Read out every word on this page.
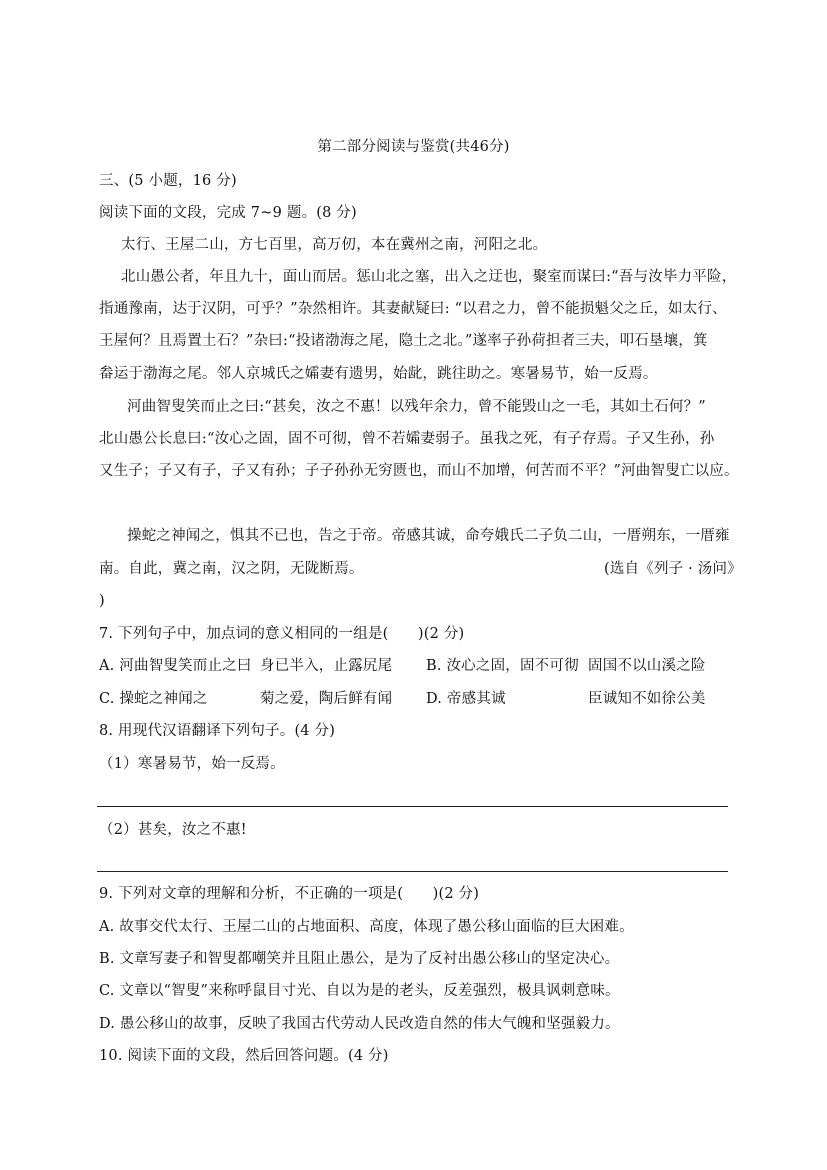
第二部分阅读与鉴赏(共46分)
三、(5 小题，16 分)
阅读下面的文段，完成 7~9 题。(8 分)
太行、王屋二山，方七百里，高万仞，本在冀州之南，河阳之北。
北山愚公者，年且九十，面山而居。惩山北之塞，出入之迂也，聚室而谋曰:“吾与汝毕力平险，
指通豫南，达于汉阴，可乎？”杂然相许。其妻献疑曰: “以君之力，曾不能损魁父之丘，如太行、
王屋何？且焉置土石？”杂曰:“投诸渤海之尾，隐土之北。”遂率子孙荷担者三夫，叩石垦壤，箕
畚运于渤海之尾。邻人京城氏之孀妻有遗男，始龀，跳往助之。寒暑易节，始一反焉。
河曲智叟笑而止之曰:“甚矣，汝之不惠！以残年余力，曾不能毁山之一毛，其如土石何？”
北山愚公长息曰:“汝心之固，固不可彻，曾不若孀妻弱子。虽我之死，有子存焉。子又生孙，孙
又生子；子又有子，子又有孙；子子孙孙无穷匮也，而山不加增，何苦而不平？”河曲智叟亡以应。
操蛇之神闻之，惧其不已也，告之于帝。帝感其诚，命夸娥氏二子负二山，一厝朔东，一厝雍
南。自此，冀之南，汉之阴，无陇断焉。	(选自《列子 · 汤问》
)
7. 下列句子中，加点词的意义相同的一组是(　　)(2 分)
A. 河曲智叟笑而止之曰 身已半入，止露尻尾 B. 汝心之固，固不可彻 固国不以山溪之险
C. 操蛇之神闻之	菊之爱，陶后鲜有闻 D. 帝感其诚	臣诚知不如徐公美
8. 用现代汉语翻译下列句子。(4 分)
（1）寒暑易节，始一反焉。
（2）甚矣，汝之不惠!
9. 下列对文章的理解和分析，不正确的一项是(　　)(2 分)
A. 故事交代太行、王屋二山的占地面积、高度，体现了愚公移山面临的巨大困难。
B. 文章写妻子和智叟都嘲笑并且阻止愚公，是为了反衬出愚公移山的坚定决心。
C. 文章以“智叟”来称呼鼠目寸光、自以为是的老头，反差强烈，极具讽刺意味。
D. 愚公移山的故事，反映了我国古代劳动人民改造自然的伟大气魄和坚强毅力。
10. 阅读下面的文段，然后回答问题。(4 分)
